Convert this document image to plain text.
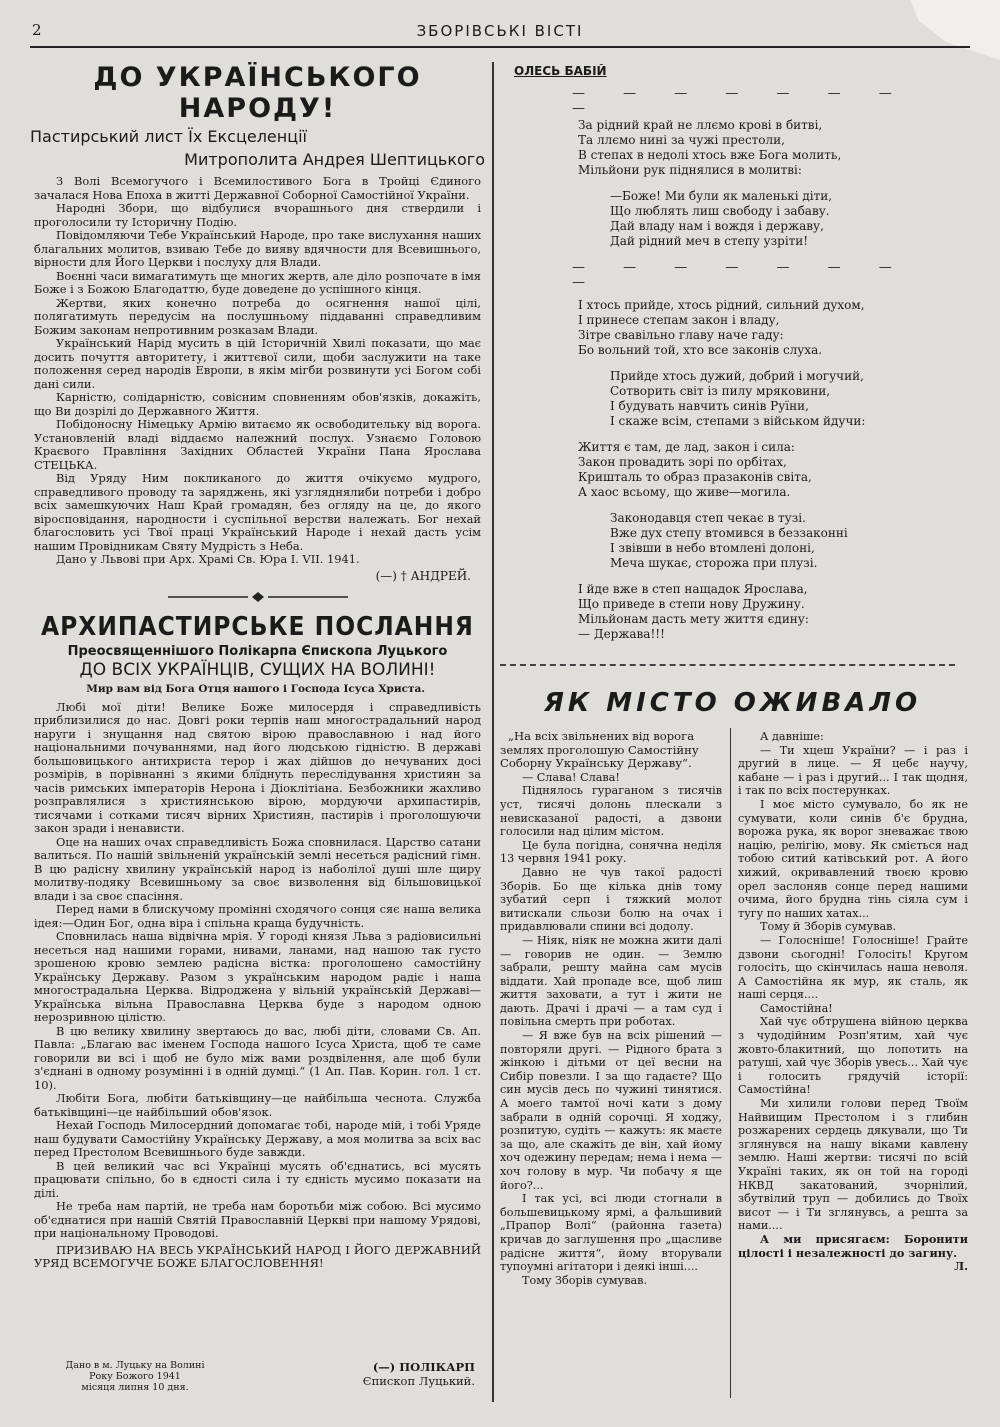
2	ЗБОРІВСЬКІ ВІСТІ
ДО УКРАЇНСЬКОГО НАРОДУ!
Пастирський лист Їх Ексцеленції
Митрополита Андрея Шептицького

З Волі Всемогучого і Всемилостивого Бога в Тройці Єдиного зачалася Нова Епоха в житті Державної Соборної Самостійної України.

Народні Збори, що відбулися вчорашнього дня ствердили і проголосили ту Історичну Подію.

Повідомляючи Тебе Український Народе, про таке вислухання наших благальних молитов, взиваю Тебе до вияву вдячности для Всевишнього, вірности для Його Церкви і послуху для Влади.

Воєнні часи вимагатимуть ще многих жертв, але діло розпочате в імя Боже і з Божою Благодаттю, буде доведене до успішного кінця.

Жертви, яких конечно потреба до осягнення нашої цілі, полягатимуть передусім на послушньому піддаванні справедливим Божим законам непротивним розказам Влади.

Український Нарід мусить в цій Історичній Хвилі показати, що має досить почуття авторитету, і життєвої сили, щоби заслужити на таке положення серед народів Европи, в якім мігби розвинути усі Богом собі дані сили.

Карністю, солідарністю, совісним сповненням обов'язків, докажіть, що Ви дозрілі до Державного Життя.

Побідоносну Німецьку Армію витаємо як освободительку від ворога. Установленій владі віддаємо належний послух. Узнаємо Головою Краєвого Правління Західних Областей України Пана Ярослава СТЕЦЬКА.

Від Уряду Ним покликаного до життя очікуємо мудрого, справедливого проводу та заряджень, які узгляднялиби потреби і добро всіх замешкуючих Наш Край громадян, без огляду на це, до якого віросповідання, народности і суспільної верстви належать. Бог нехай благословить усі Твої праці Український Народе і нехай дасть усім нашим Провідникам Святу Мудрість з Неба.

Дано у Львові при Арх. Храмі Св. Юра I. VII. 1941.

(—) † АНДРЕЙ.
АРХИПАСТИРСЬКЕ ПОСЛАННЯ
Преосвященнішого Полікарпа Єпископа Луцького
ДО ВСІХ УКРАЇНЦІВ, СУЩИХ НА ВОЛИНІ!
Мир вам від Бога Отця нашого і Господа Ісуса Христа.

Любі мої діти! Велике Боже милосердя і справедливість приблизилися до нас. Довгі роки терпів наш многострадальний народ наруги і знущання над святою вірою православною і над його національними почуваннями, над його людською гідністю. В державі большовицького антихриста терор і жах дійшов до нечуваних досі розмірів, в порівнанні з якими блїднуть переслідування християн за часів римських імператорів Нерона і Діоклітіана. Безбожники жахливо розправлялися з християнською вірою, мордуючи архипастирів, тисячами і сотками тисяч вірних Християн, пастирів і проголошуючи закон зради і ненависти.

Оце на наших очах справедливість Божа сповнилася. Царство сатани валиться. По нашій звільненій українській землі несеться радісний гімн. В цю радісну хвилину українській народ із наболілої душі шле щиру молитву-подяку Всевишньому за своє визволення від більшовицької влади і за своє спасіння.

Перед нами в блискучому промінні сходячого сонця сяє наша велика ідея:—Один Бог, одна віра і спільна краща будучність.

Сповнилась наша відвічна мрія. У городі князя Льва з радіовисильні несеться над нашими горами, нивами, ланами, над нашою так густо зрошеною кровю землею радісна вістка: проголошено самостійну Українську Державу. Разом з українським народом радіє і наша многострадальна Церква. Відроджена у вільній українській Державі—Українська вільна Православна Церква буде з народом одною нерозривною цілістю.

В цю велику хвилину звертаюсь до вас, любі діти, словами Св. Ап. Павла: „Благаю вас іменем Господа нашого Ісуса Христа, щоб те саме говорили ви всі і щоб не було між вами роздвілення, але щоб були з'єднані в одному розумінні і в одній думці.“ (1 Ап. Пав. Корин. гол. 1 ст. 10).

Любіти Бога, любіти батьківщину—це найбільша чеснота. Служба батьківщині—це найбільший обов'язок.

Нехай Господь Милосердний допомагає тобі, народе мій, і тобі Уряде наш будувати Самостійну Українську Державу, а моя молитва за всіх вас перед Престолом Всевишнього буде завжди.

В цей великий час всі Українці мусять об'єднатись, всі мусять працювати спільно, бо в єдності сила і ту єдність мусимо показати на ділі.

Не треба нам партій, не треба нам боротьби між собою. Всі мусимо об'єднатися при нашій Святій Православній Церкві при нашому Урядові, при національному Проводові.

ПРИЗИВАЮ НА ВЕСЬ УКРАЇНСЬКИЙ НАРОД І ЙОГО ДЕРЖАВНИЙ УРЯД ВСЕМОГУЧЕ БОЖЕ БЛАГОСЛОВЕННЯ!

Дано в м. Луцьку на Волині
Року Божого 1941
місяця липня 10 дня.
(—) ПОЛІКАРП
Єпископ Луцький.
ОЛЕСЬ БАБІЙ
— — — — — — — —

За рідний край не ллємо крові в битві,

Та ллємо нині за чужі престоли,

В степах в недолі хтось вже Бога молить,

Мільйони рук піднялися в молитві:

—Боже! Ми були як маленькі діти,

Що люблять лиш свободу і забаву.

Дай владу нам і вождя і державу,

Дай рідний меч в степу узріти!

— — — — — — — —

І хтось прийде, хтось рідний, сильний духом,

І принесе степам закон і владу,

Зітре свавільно главу наче гаду:

Бо вольний той, хто все законів слуха.

Прийде хтось дужий, добрий і могучий,

Сотворить світ із пилу мряковини,

І будувать навчить синів Руїни,

І скаже всім, степами з військом йдучи:

Життя є там, де лад, закон і сила:

Закон провадить зорі по орбітах,

Кришталь то образ празаконів світа,

А хаос всьому, що живе—могила.

Законодавця степ чекає в тузі.

Вже дух степу втомився в беззаконні

І звівши в небо втомлені долоні,

Меча шукає, сторожа при плузі.

І йде вже в степ нащадок Ярослава,

Що приведе в степи нову Дружину.

Мільйонам дасть мету життя єдину:

— Держава!!!

ЯК МІСТО ОЖИВАЛО

„На всіх звільнених від ворога землях проголошую Самостійну Соборну Українську Державу“.

— Слава! Слава!

Піднялось гураганом з тисячів уст, тисячі долонь плескали з невисказаної радості, а дзвони голосили над цілим містом.

Це була погідна, сонячна неділя 13 червня 1941 року.

Давно не чув такої радості Зборів. Бо ще кілька днів тому зубатий серп і тяжкий молот витискали сльози болю на очах і придавлювали спини всі додолу.

— Ніяк, ніяк не можна жити далі — говорив не один. — Землю забрали, решту майна сам мусів віддати. Хай пропаде все, щоб лиш життя заховати, а тут і жити не дають. Драчі і драчі — а там суд і повільна смерть при роботах.

— Я вже був на всіх рішений — повторяли другі. — Рідного брата з жінкою і дітьми от цеї весни на Сибір повезли. І за що гадаєте? Що син мусів десь по чужині тинятися. А моего тамтої ночі кати з дому забрали в одній сорочці. Я ходжу, розпитую, судіть — кажуть: як маєте за що, але скажіть де він, хай йому хоч одежину передам; нема і нема — хоч голову в мур. Чи побачу я ще його?...

І так усі, всі люди стогнали в большевицькому ярмі, а фальшивий „Прапор Волі“ (районна газета) кричав до заглушення про „щасливе радісне життя“, йому вторували тупоумні агітатори і деякі інші....

Тому Зборів сумував.

А давніше:

— Ти хцеш України? — і раз і другий в лице. — Я цебє научу, кабане — і раз і другий... І так щодня, і так по всіх постерунках.

І моє місто сумувало, бо як не сумувати, коли синів б'є брудна, ворожа рука, як ворог зневажає твою націю, релігію, мову. Як сміється над тобою ситий катівський рот. А його хижий, окривавлений твоєю кровю орел заслоняв сонце перед нашими очима, його брудна тінь сіяла сум і тугу по наших хатах...

Тому й Зборів сумував.

— Голосніше! Голосніше! Грайте дзвони сьогодні! Голосіть! Кругом голосіть, що скінчилась наша неволя. А Самостійна як мур, як сталь, як наші серця....

Самостійна!

Хай чує обтрушена війною церква з чудодійним Розп'ятим, хай чує жовто-блакитний, що лопотить на ратуші, хай чує Зборів увесь... Хай чує і голосить грядучій історії: Самостійна!

Ми хилили голови перед Твоїм Найвищим Престолом і з глибин розжарених сердець дякували, що Ти зглянувся на нашу віками кавлену землю. Наші жертви: тисячі по всій Україні таких, як он той на городі НКВД закатований, зчорнілий, збутвілий труп — добились до Твоїх висот — і Ти зглянувсь, а решта за нами....

А ми присягаєм: Боронити цілості і незалежності до загину.

Л.
